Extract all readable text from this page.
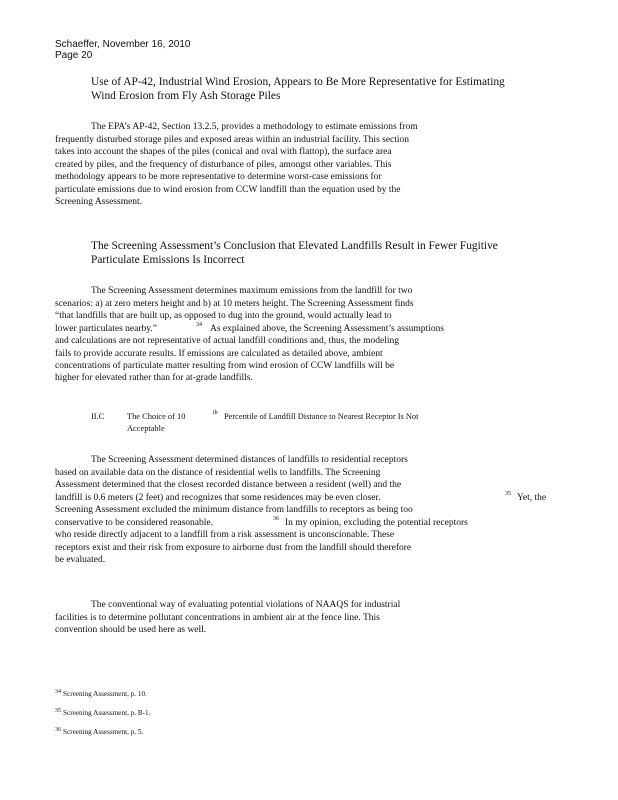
Schaeffer, November 16, 2010
Page 20
Use of AP-42, Industrial Wind Erosion, Appears to Be More Representative for Estimating
Wind Erosion from Fly Ash Storage Piles
The EPA’s AP-42, Section 13.2.5, provides a methodology to estimate emissions from
frequently disturbed storage piles and exposed areas within an industrial facility. This section
takes into account the shapes of the piles (conical and oval with flattop), the surface area
created by piles, and the frequency of disturbance of piles, amongst other variables. This
methodology appears to be more representative to determine worst-case emissions for
particulate emissions due to wind erosion from CCW landfill than the equation used by the
Screening Assessment.
The Screening Assessment’s Conclusion that Elevated Landfills Result in Fewer Fugitive
Particulate Emissions Is Incorrect
The Screening Assessment determines maximum emissions from the landfill for two
scenarios: a) at zero meters height and b) at 10 meters height. The Screening Assessment finds
“that landfills that are built up, as opposed to dug into the ground, would actually lead to
lower particulates nearby.”	34 As explained above, the Screening Assessment’s assumptions
and calculations are not representative of actual landfill conditions and, thus, the modeling
fails to provide accurate results. If emissions are calculated as detailed above, ambient
concentrations of particulate matter resulting from wind erosion of CCW landfills will be
higher for elevated rather than for at-grade landfills.
II.C	The Choice of 10	th Percentile of Landfill Distance to Nearest Receptor Is Not
Acceptable
The Screening Assessment determined distances of landfills to residential receptors
based on available data on the distance of residential wells to landfills. The Screening
Assessment determined that the closest recorded distance between a resident (well) and the
landfill is 0.6 meters (2 feet) and recognizes that some residences may be even closer.	35 Yet, the
Screening Assessment excluded the minimum distance from landfills to receptors as being too
conservative to be considered reasonable.	36 In my opinion, excluding the potential receptors
who reside directly adjacent to a landfill from a risk assessment is unconscionable. These
receptors exist and their risk from exposure to airborne dust from the landfill should therefore
be evaluated.
The conventional way of evaluating potential violations of NAAQS for industrial
facilities is to determine pollutant concentrations in ambient air at the fence line. This
convention should be used here as well.
34 Screening Assessment, p. 10.
35 Screening Assessment, p. B-1.
36 Screening Assessment, p. 5.
